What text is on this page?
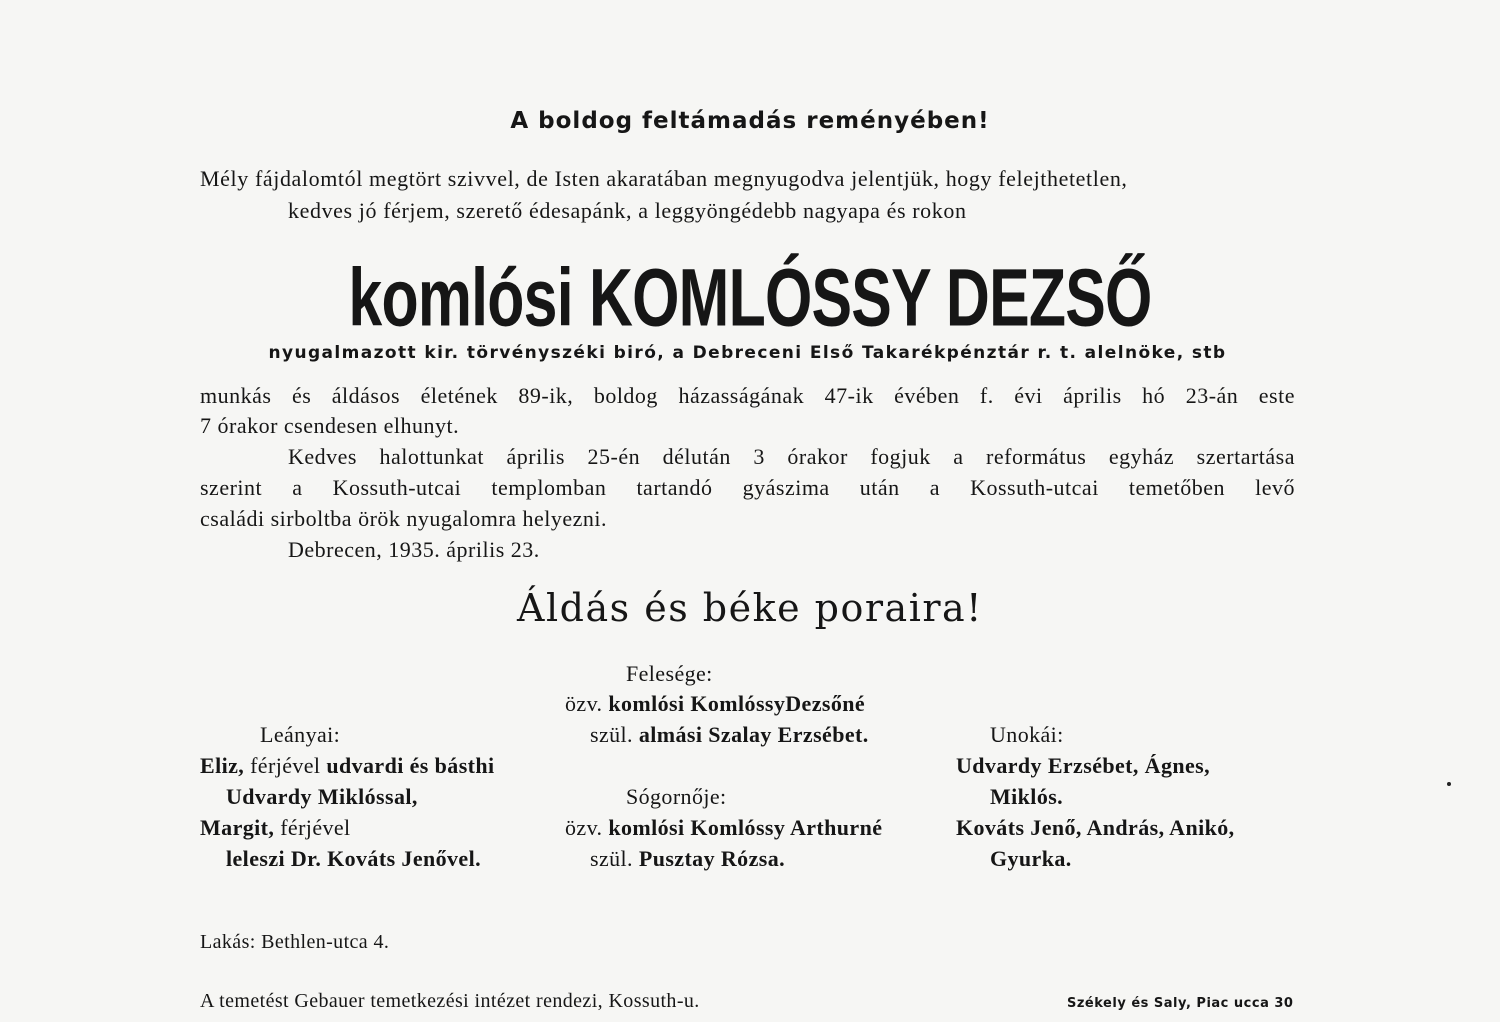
A boldog feltámadás reményében!
Mély fájdalomtól megtört szivvel, de Isten akaratában megnyugodva jelentjük, hogy felejthetetlen,
kedves jó férjem, szerető édesapánk, a leggyöngédebb nagyapa és rokon
komlósi KOMLÓSSY DEZSŐ
nyugalmazott kir. törvényszéki biró, a Debreceni Első Takarékpénztár r. t. alelnöke, stb
munkás és áldásos életének 89-ik, boldog házasságának 47-ik évében f. évi április hó 23-án este
7 órakor csendesen elhunyt.
Kedves halottunkat április 25-én délután 3 órakor fogjuk a református egyház szertartása
szerint a Kossuth-utcai templomban tartandó gyászima után a Kossuth-utcai temetőben levő
családi sirboltba örök nyugalomra helyezni.
Debrecen, 1935. április 23.
Áldás és béke poraira!
Felesége:
özv. komlósi KomlóssyDezsőné
szül. almási Szalay Erzsébet.
Leányai:
Eliz, férjével udvardi és básthi
Udvardy Miklóssal,
Margit, férjével
leleszi Dr. Kováts Jenővel.
Sógornője:
özv. komlósi Komlóssy Arthurné
szül. Pusztay Rózsa.
Unokái:
Udvardy Erzsébet, Ágnes,
Miklós.
Kováts Jenő, András, Anikó,
Gyurka.
Lakás: Bethlen-utca 4.
A temetést Gebauer temetkezési intézet rendezi, Kossuth-u.	Székely és Saly, Piac ucca 30
